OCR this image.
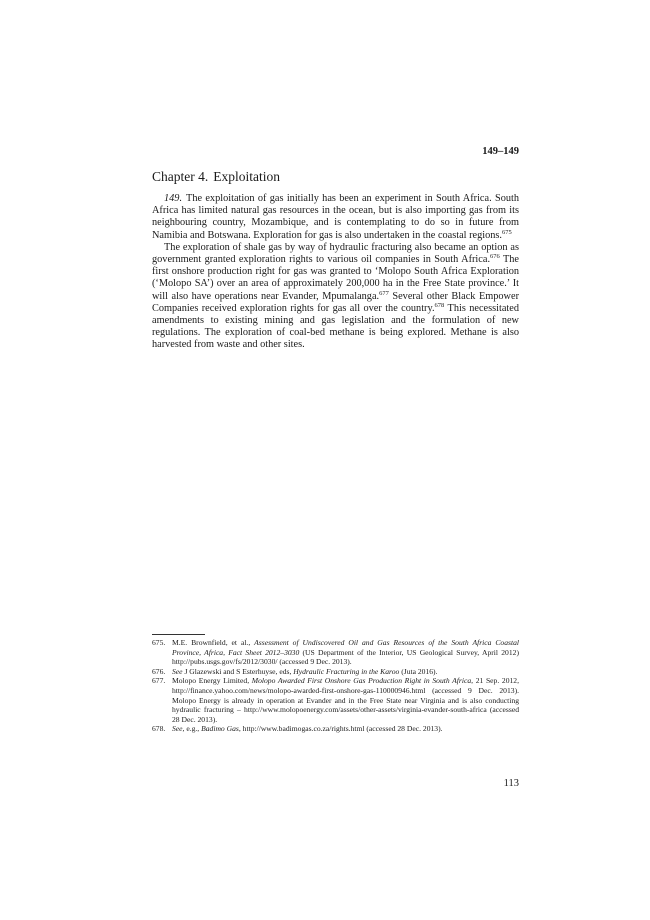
149–149
Chapter 4. Exploitation

149. The exploitation of gas initially has been an experiment in South Africa. South Africa has limited natural gas resources in the ocean, but is also importing gas from its neighbouring country, Mozambique, and is contemplating to do so in future from Namibia and Botswana. Exploration for gas is also undertaken in the coastal regions.$^{675}$

The exploration of shale gas by way of hydraulic fracturing also became an option as government granted exploration rights to various oil companies in South Africa.$^{676}$ The first onshore production right for gas was granted to ‘Molopo South Africa Exploration (‘Molopo SA’) over an area of approximately 200,000 ha in the Free State province.’ It will also have operations near Evander, Mpumalanga.$^{677}$ Several other Black Empower Companies received exploration rights for gas all over the country.$^{678}$ This necessitated amendments to existing mining and gas legislation and the formulation of new regulations. The exploration of coal-bed methane is being explored. Methane is also harvested from waste and other sites.

675. M.E. Brownfield, et al., Assessment of Undiscovered Oil and Gas Resources of the South Africa Coastal Province, Africa, Fact Sheet 2012–3030 (US Department of the Interior, US Geological Survey, April 2012) http://pubs.usgs.gov/fs/2012/3030/ (accessed 9 Dec. 2013).
676. See J Glazewski and S Esterhuyse, eds, Hydraulic Fracturing in the Karoo (Juta 2016).
677. Molopo Energy Limited, Molopo Awarded First Onshore Gas Production Right in South Africa, 21 Sep. 2012, http://finance.yahoo.com/news/molopo-awarded-first-onshore-gas-110000946.html (accessed 9 Dec. 2013). Molopo Energy is already in operation at Evander and in the Free State near Virginia and is also conducting hydraulic fracturing – http://www.molopoenergy.com/assets/other-assets/virginia-evander-south-africa (accessed 28 Dec. 2013).
678. See, e.g., Badimo Gas, http://www.badimogas.co.za/rights.html (accessed 28 Dec. 2013).
113
